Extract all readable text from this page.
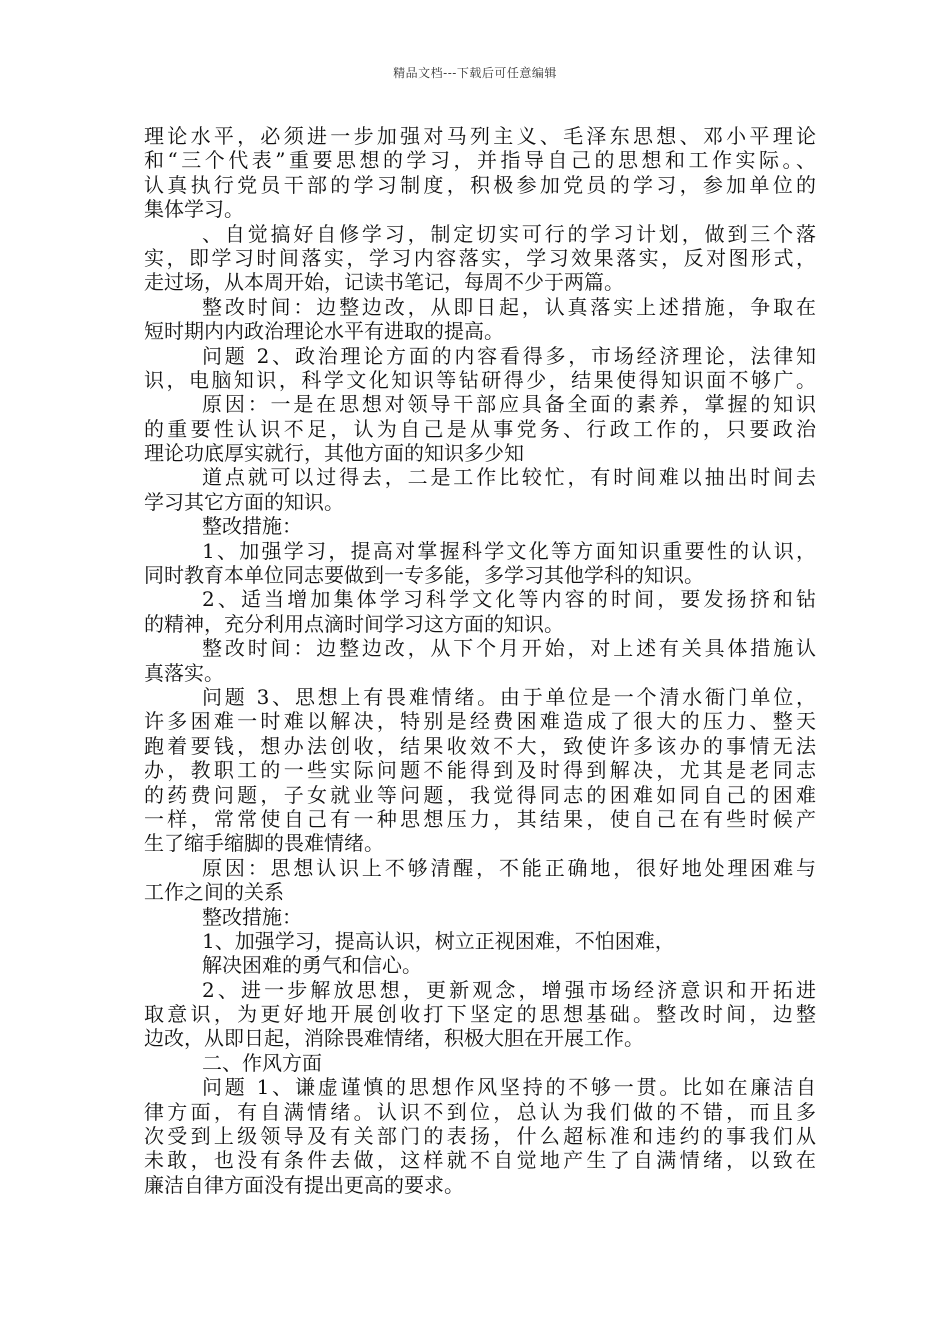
精品文档---下载后可任意编辑
理论水平，必须进一步加强对马列主义、毛泽东思想、邓小平理论
和“三个代表”重要思想的学习，并指导自己的思想和工作实际。、
认真执行党员干部的学习制度，积极参加党员的学习，参加单位的
集体学习。
、自觉搞好自修学习，制定切实可行的学习计划，做到三个落
实，即学习时间落实，学习内容落实，学习效果落实，反对图形式，
走过场，从本周开始，记读书笔记，每周不少于两篇。
整改时间：边整边改，从即日起，认真落实上述措施，争取在
短时期内内政治理论水平有进取的提高。
问题 2、政治理论方面的内容看得多，市场经济理论，法律知
识，电脑知识，科学文化知识等钻研得少，结果使得知识面不够广。
原因：一是在思想对领导干部应具备全面的素养，掌握的知识
的重要性认识不足，认为自己是从事党务、行政工作的，只要政治
理论功底厚实就行，其他方面的知识多少知
道点就可以过得去，二是工作比较忙，有时间难以抽出时间去
学习其它方面的知识。
整改措施：
1、加强学习，提高对掌握科学文化等方面知识重要性的认识，
同时教育本单位同志要做到一专多能，多学习其他学科的知识。
2、适当增加集体学习科学文化等内容的时间，要发扬挤和钻
的精神，充分利用点滴时间学习这方面的知识。
整改时间：边整边改，从下个月开始，对上述有关具体措施认
真落实。
问题 3、思想上有畏难情绪。由于单位是一个清水衙门单位，
许多困难一时难以解决，特别是经费困难造成了很大的压力、整天
跑着要钱，想办法创收，结果收效不大，致使许多该办的事情无法
办，教职工的一些实际问题不能得到及时得到解决，尤其是老同志
的药费问题，子女就业等问题，我觉得同志的困难如同自己的困难
一样，常常使自己有一种思想压力，其结果，使自己在有些时候产
生了缩手缩脚的畏难情绪。
原因：思想认识上不够清醒，不能正确地，很好地处理困难与
工作之间的关系
整改措施：
1、加强学习，提高认识，树立正视困难，不怕困难，
解决困难的勇气和信心。
2、进一步解放思想，更新观念，增强市场经济意识和开拓进
取意识，为更好地开展创收打下坚定的思想基础。整改时间，边整
边改，从即日起，消除畏难情绪，积极大胆在开展工作。
二、作风方面
问题 1、谦虚谨慎的思想作风坚持的不够一贯。比如在廉洁自
律方面，有自满情绪。认识不到位，总认为我们做的不错，而且多
次受到上级领导及有关部门的表扬，什么超标准和违约的事我们从
未敢，也没有条件去做，这样就不自觉地产生了自满情绪，以致在
廉洁自律方面没有提出更高的要求。
